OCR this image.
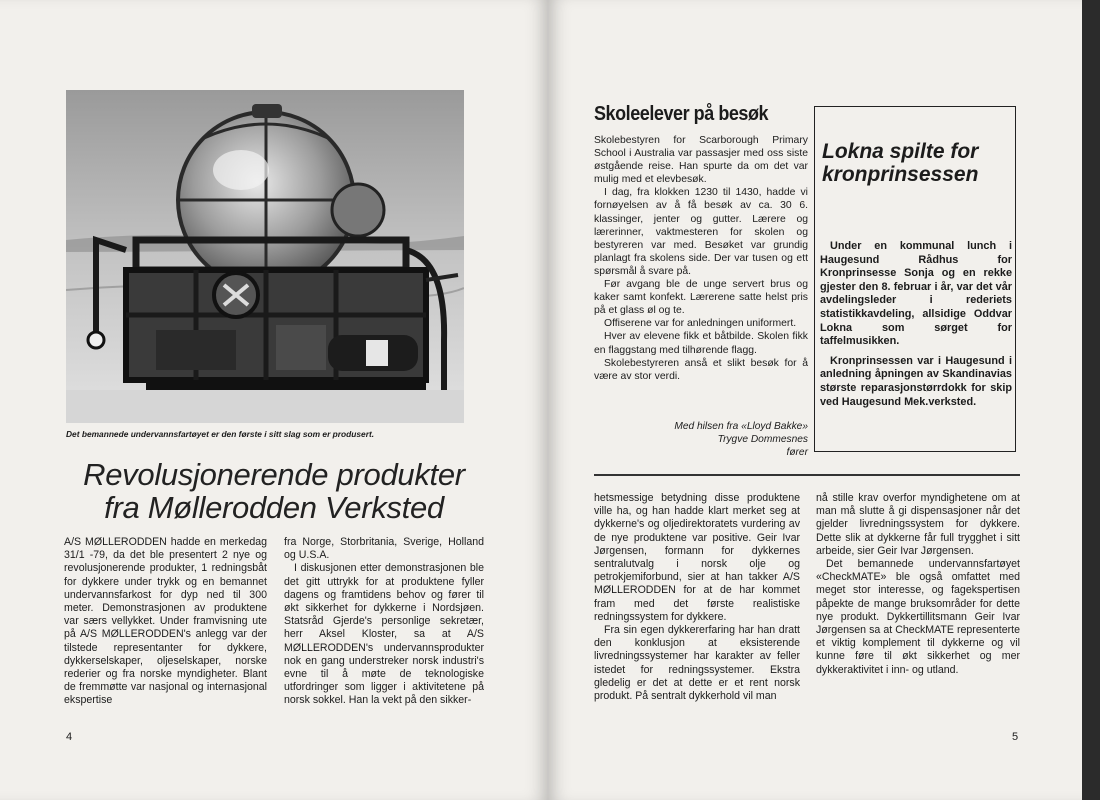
Det bemannede undervannsfartøyet er den første i sitt slag som er produsert.
Revolusjonerende produkter
fra Møllerodden Verksted

A/S MØLLERODDEN hadde en merkedag 31/1 -79, da det ble presentert 2 nye og revolusjonerende produkter, 1 redningsbåt for dykkere under trykk og en bemannet undervannsfarkost for dyp ned til 300 meter. Demonstrasjonen av produktene var særs vellykket. Under framvisning ute på A/S MØLLERODDEN's anlegg var der tilstede representanter for dykkere, dykkerselskaper, oljeselskaper, norske rederier og fra norske myndigheter. Blant de fremmøtte var nasjonal og internasjonal ekspertise

fra Norge, Storbritania, Sverige, Holland og U.S.A.

I diskusjonen etter demonstrasjonen ble det gitt uttrykk for at produktene fyller dagens og framtidens behov og fører til økt sikkerhet for dykkerne i Nordsjøen. Statsråd Gjerde's personlige sekretær, herr Aksel Kloster, sa at A/S MØLLERODDEN's undervannsprodukter nok en gang understreker norsk industri's evne til å møte de teknologiske utfordringer som ligger i aktivitetene på norsk sokkel. Han la vekt på den sikker-

4
Skoleelever på besøk

Skolebestyren for Scarborough Primary School i Australia var passasjer med oss siste østgående reise. Han spurte da om det var mulig med et elevbesøk.

I dag, fra klokken 1230 til 1430, hadde vi fornøyelsen av å få besøk av ca. 30 6. klassinger, jenter og gutter. Lærere og lærerinner, vaktmesteren for skolen og bestyreren var med. Besøket var grundig planlagt fra skolens side. Der var tusen og ett spørsmål å svare på.

Før avgang ble de unge servert brus og kaker samt konfekt. Lærerene satte helst pris på et glass øl og te.

Offiserene var for anledningen uniformert.

Hver av elevene fikk et båtbilde. Skolen fikk en flaggstang med tilhørende flagg.

Skolebestyreren anså et slikt besøk for å være av stor verdi.

Med hilsen fra «Lloyd Bakke»
Trygve Dommesnes
fører
Lokna spilte for kronprinsessen

Under en kommunal lunch i Haugesund Rådhus for Kronprinsesse Sonja og en rekke gjester den 8. februar i år, var det vår avdelingsleder i rederiets statistikkavdeling, allsidige Oddvar Lokna som sørget for taffelmusikken.

Kronprinsessen var i Haugesund i anledning åpningen av Skandinavias største reparasjonstørrdokk for skip ved Haugesund Mek.verksted.

hetsmessige betydning disse produktene ville ha, og han hadde klart merket seg at dykkerne's og oljedirektoratets vurdering av de nye produktene var positive. Geir Ivar Jørgensen, formann for dykkernes sentralutvalg i norsk olje og petrokjemiforbund, sier at han takker A/S MØLLERODDEN for at de har kommet fram med det første realistiske redningssystem for dykkere.

Fra sin egen dykkererfaring har han dratt den konklusjon at eksisterende livredningssystemer har karakter av feller istedet for redningssystemer. Ekstra gledelig er det at dette er et rent norsk produkt. På sentralt dykkerhold vil man

nå stille krav overfor myndighetene om at man må slutte å gi dispensasjoner når det gjelder livredningssystem for dykkere. Dette slik at dykkerne får full trygghet i sitt arbeide, sier Geir Ivar Jørgensen.

Det bemannede undervannsfartøyet «CheckMATE» ble også omfattet med meget stor interesse, og fagekspertisen påpekte de mange bruksområder for dette nye produkt. Dykkertillitsmann Geir Ivar Jørgensen sa at CheckMATE representerte et viktig komplement til dykkerne og vil kunne føre til økt sikkerhet og mer dykkeraktivitet i inn- og utland.

5
